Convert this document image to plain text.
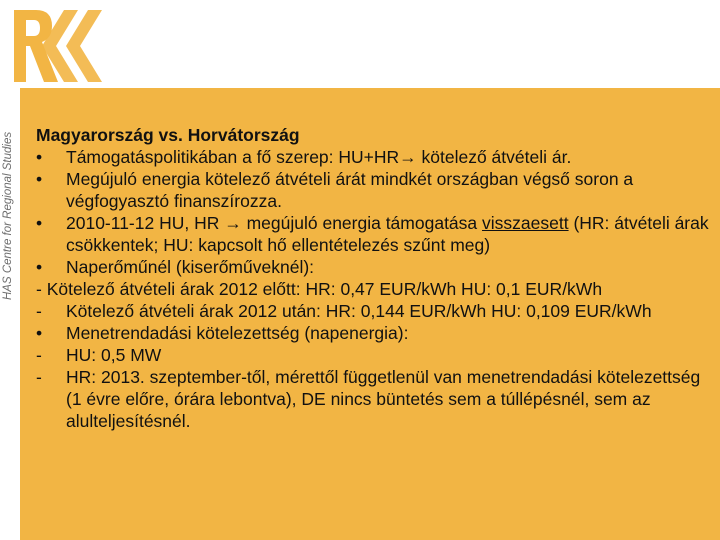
HAS Centre for Regional Studies Magyarország vs. Horvátország
•	Támogatáspolitikában a fő szerep: HU+HR→ kötelező átvételi ár.
•	Megújuló energia kötelező átvételi árát mindkét országban végső soron a végfogyasztó finanszírozza.
•	2010-11-12 HU, HR → megújuló energia támogatása visszaesett (HR: átvételi árak csökkentek; HU: kapcsolt hő ellentételezés szűnt meg)
•	Naperőműnél (kiserőműveknél):
- Kötelező átvételi árak 2012 előtt: HR: 0,47 EUR/kWh HU: 0,1 EUR/kWh
-	Kötelező átvételi árak 2012 után: HR: 0,144 EUR/kWh HU: 0,109 EUR/kWh
•	Menetrendadási kötelezettség (napenergia):
-	HU: 0,5 MW
-	HR: 2013. szeptember-től, mérettől függetlenül van menetrendadási kötelezettség (1 évre előre, órára lebontva), DE nincs büntetés sem a túllépésnél, sem az alulteljesítésnél.
